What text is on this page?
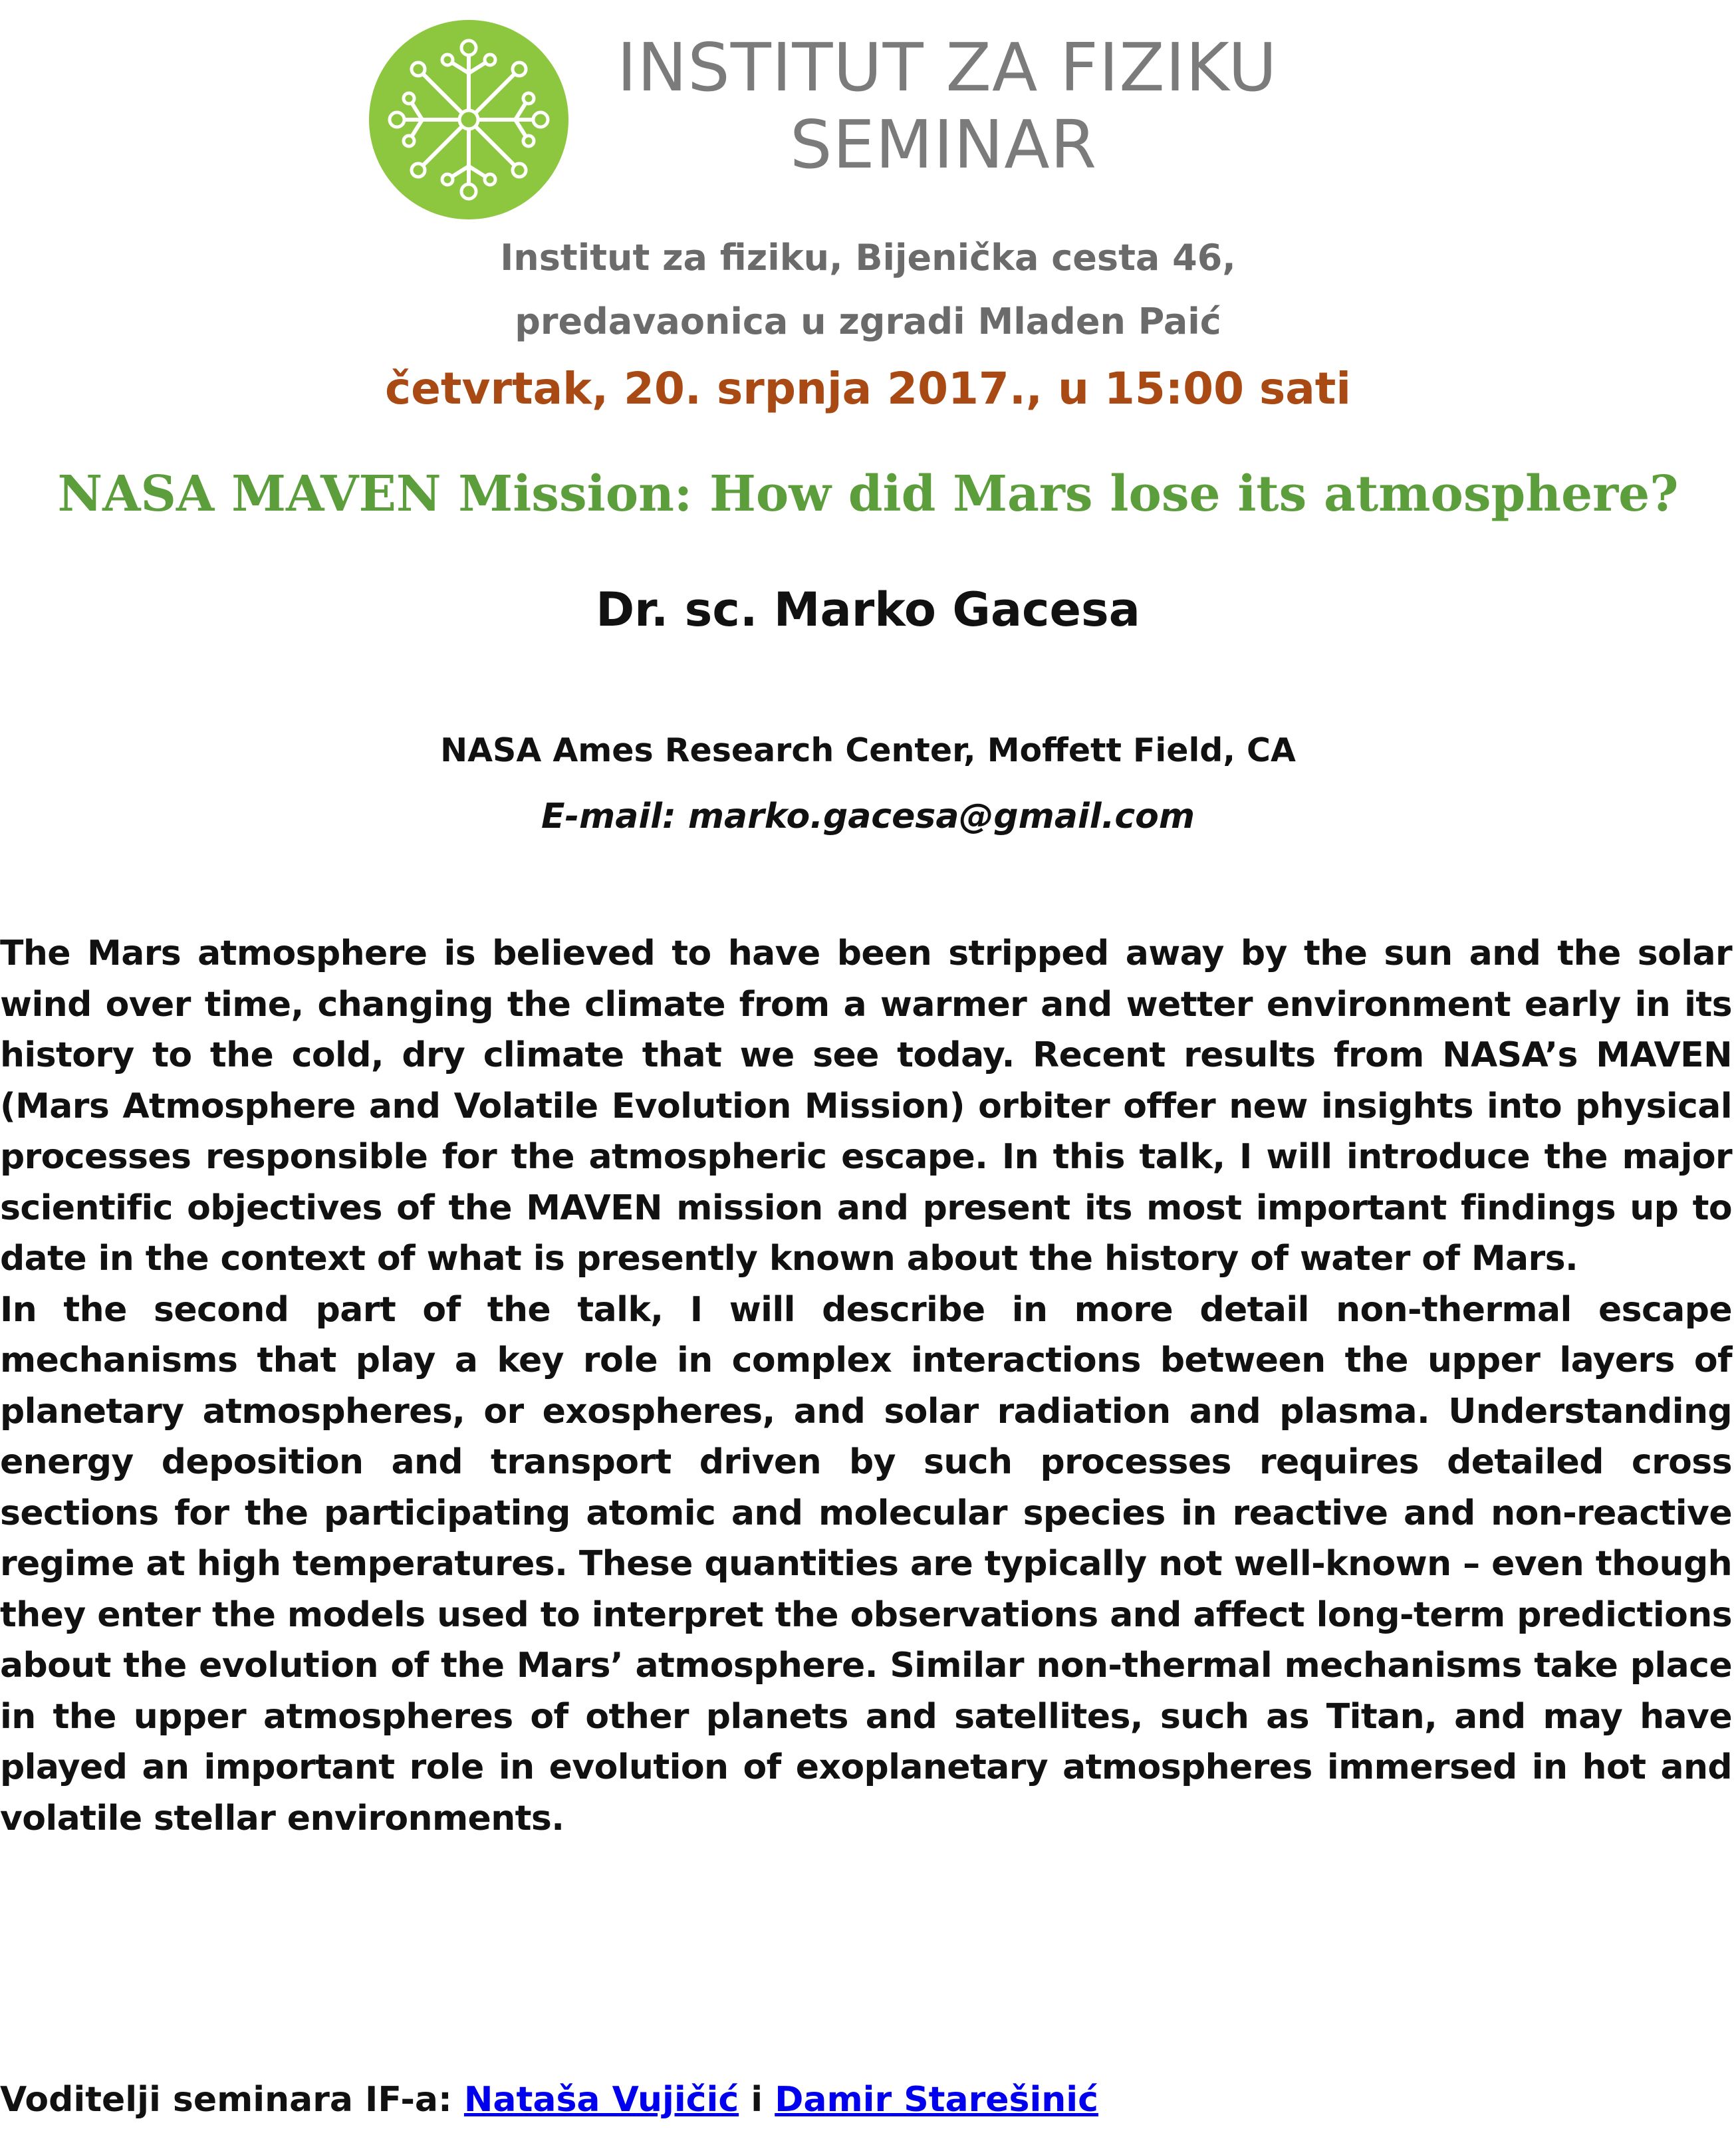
INSTITUT ZA FIZIKU
SEMINAR
Institut za fiziku, Bijenička cesta 46,
predavaonica u zgradi Mladen Paić
četvrtak, 20. srpnja 2017., u 15:00 sati
NASA MAVEN Mission: How did Mars lose its atmosphere?
Dr. sc. Marko Gacesa
NASA Ames Research Center, Moffett Field, CA
E-mail: marko.gacesa@gmail.com

The Mars atmosphere is believed to have been stripped away by the sun and the solar wind over time, changing the climate from a warmer and wetter environment early in its history to the cold, dry climate that we see today. Recent results from NASA’s MAVEN (Mars Atmosphere and Volatile Evolution Mission) orbiter offer new insights into physical processes responsible for the atmospheric escape. In this talk, I will introduce the major scientific objectives of the MAVEN mission and present its most important findings up to date in the context of what is presently known about the history of water of Mars.

In the second part of the talk, I will describe in more detail non-thermal escape mechanisms that play a key role in complex interactions between the upper layers of planetary atmospheres, or exospheres, and solar radiation and plasma. Understanding energy deposition and transport driven by such processes requires detailed cross sections for the participating atomic and molecular species in reactive and non-reactive regime at high temperatures. These quantities are typically not well-known – even though they enter the models used to interpret the observations and affect long-term predictions about the evolution of the Mars’ atmosphere. Similar non-thermal mechanisms take place in the upper atmospheres of other planets and satellites, such as Titan, and may have played an important role in evolution of exoplanetary atmospheres immersed in hot and volatile stellar environments.

Voditelji seminara IF-a: Nataša Vujičić i Damir Starešinić
